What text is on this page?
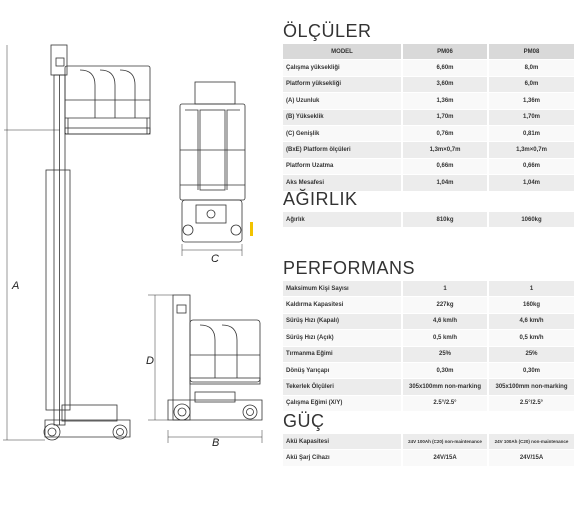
A
C
D
B
ÖLÇÜLER
MODEL	PM06	PM08
Çalışma yüksekliği	6,60m	8,0m
Platform yüksekliği	3,60m	6,0m
(A) Uzunluk	1,36m	1,36m
(B) Yükseklik	1,70m	1,70m
(C) Genişlik	0,76m	0,81m
(BxE) Platform ölçüleri	1,3m×0,7m	1,3m×0,7m
Platform Uzatma	0,66m	0,66m
Aks Mesafesi	1,04m	1,04m
AĞIRLIK
Ağırlık	810kg	1060kg
PERFORMANS
Maksimum Kişi Sayısı	1	1
Kaldırma Kapasitesi	227kg	160kg
Sürüş Hızı (Kapalı)	4,6 km/h	4,6 km/h
Sürüş Hızı (Açık)	0,5 km/h	0,5 km/h
Tırmanma Eğimi	25%	25%
Dönüş Yarıçapı	0,30m	0,30m
Tekerlek Ölçüleri	305x100mm non-marking	305x100mm non-marking
Çalışma Eğimi (X/Y)	2.5°/2.5°	2.5°/2.5°
GÜÇ
Akü Kapasitesi	24V 100Ah (C20) non-maintenance	24V 100Ah (C20) non-maintenance
Akü Şarj Cihazı	24V/15A	24V/15A
